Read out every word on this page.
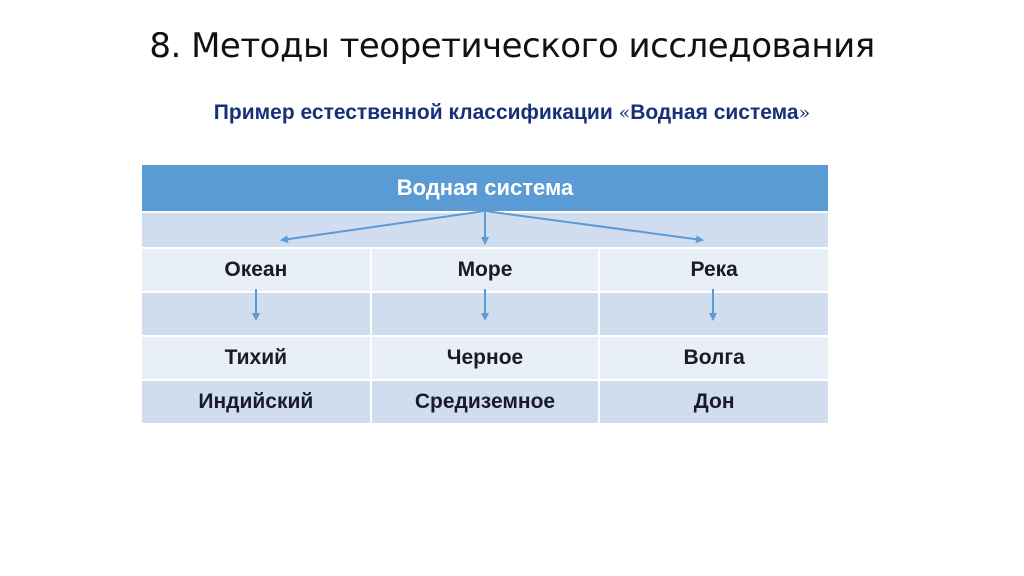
8. Методы теоретического исследования
Пример естественной классификации «Водная система»
Водная система		

Океан	Море	Река

Тихий	Черное	Волга
Индийский	Средиземное	Дон
